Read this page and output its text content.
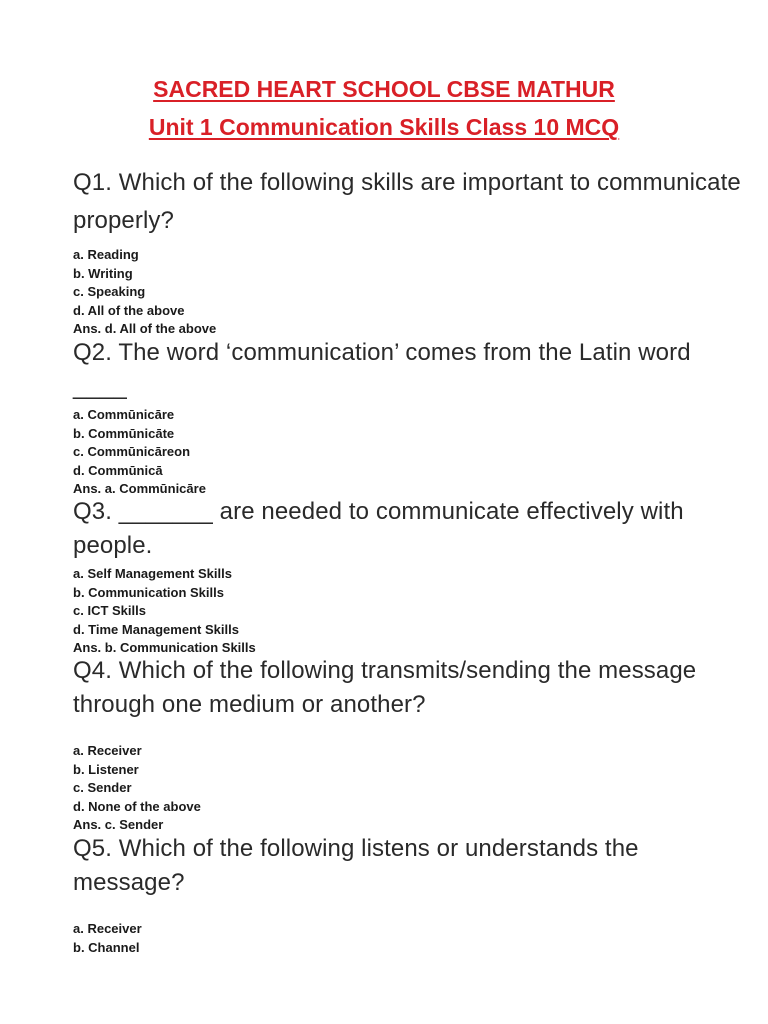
SACRED HEART SCHOOL CBSE MATHUR
Unit 1 Communication Skills Class 10 MCQ

Q1. Which of the following skills are important to communicate properly?

a. Reading
b. Writing
c. Speaking
d. All of the above

Ans. d. All of the above

Q2. The word ‘communication’ comes from the Latin word ____

a. Commūnicāre
b. Commūnicāte
c. Commūnicāreon
d. Commūnicā

Ans. a. Commūnicāre

Q3. _______ are needed to communicate effectively with people.

a. Self Management Skills
b. Communication Skills
c. ICT Skills
d. Time Management Skills

Ans. b. Communication Skills

Q4. Which of the following transmits/sending the message through one medium or another?

a. Receiver
b. Listener
c. Sender
d. None of the above

Ans. c. Sender

Q5. Which of the following listens or understands the message?

a. Receiver
b. Channel
